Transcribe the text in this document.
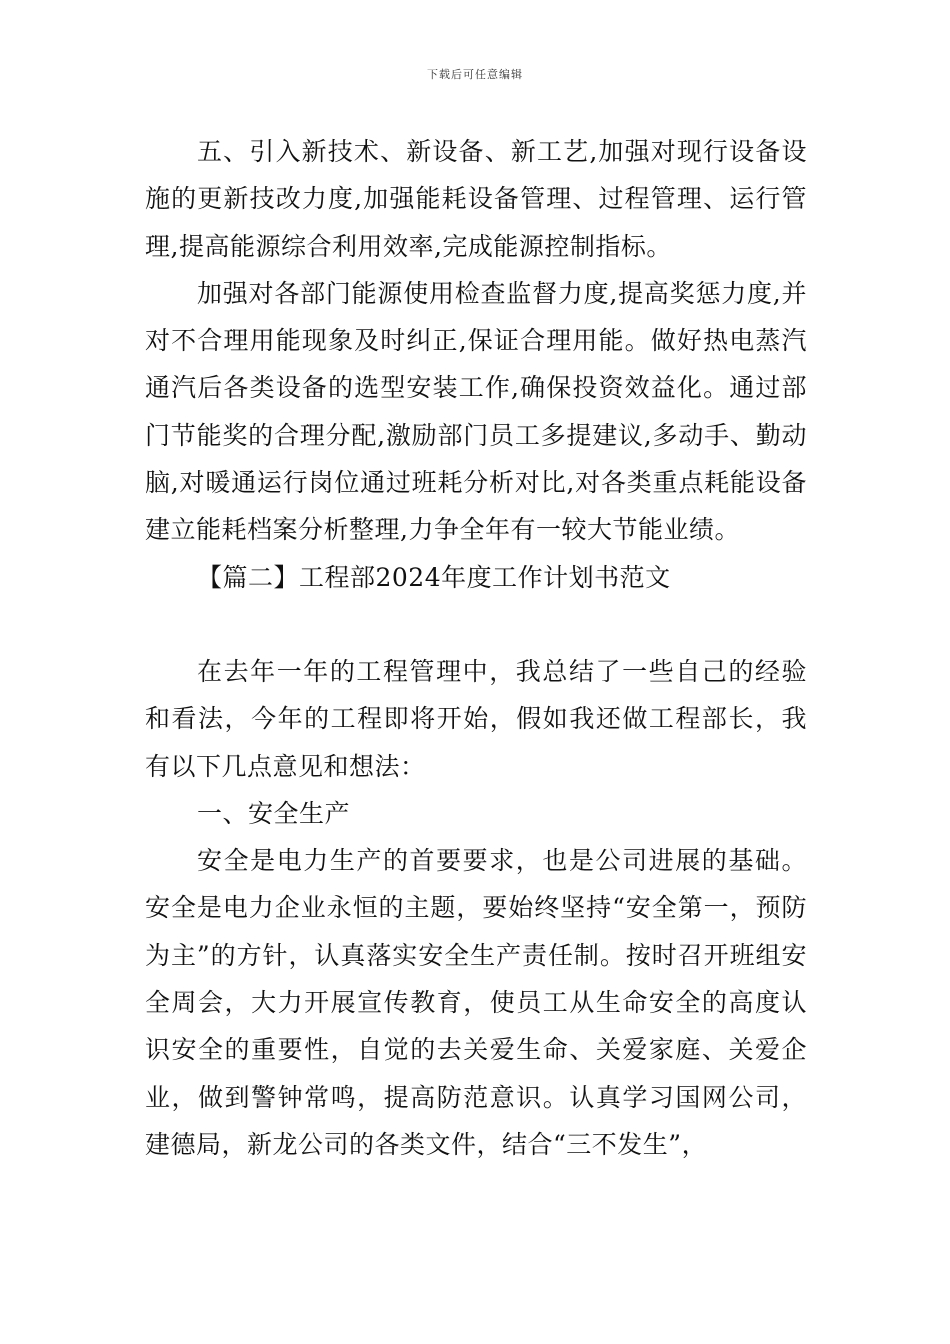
下载后可任意编辑

五、引入新技术、新设备、新工艺,加强对现行设备设施的更新技改力度,加强能耗设备管理、过程管理、运行管理,提高能源综合利用效率,完成能源控制指标。

加强对各部门能源使用检查监督力度,提高奖惩力度,并对不合理用能现象及时纠正,保证合理用能。做好热电蒸汽通汽后各类设备的选型安装工作,确保投资效益化。通过部门节能奖的合理分配,激励部门员工多提建议,多动手、勤动脑,对暖通运行岗位通过班耗分析对比,对各类重点耗能设备建立能耗档案分析整理,力争全年有一较大节能业绩。

【篇二】工程部2024年度工作计划书范文

在去年一年的工程管理中，我总结了一些自己的经验和看法，今年的工程即将开始，假如我还做工程部长，我有以下几点意见和想法：

一、安全生产

安全是电力生产的首要要求，也是公司进展的基础。安全是电力企业永恒的主题，要始终坚持“安全第一，预防为主”的方针，认真落实安全生产责任制。按时召开班组安全周会，大力开展宣传教育，使员工从生命安全的高度认识安全的重要性，自觉的去关爱生命、关爱家庭、关爱企业，做到警钟常鸣，提高防范意识。认真学习国网公司，建德局，新龙公司的各类文件，结合“三不发生”，
